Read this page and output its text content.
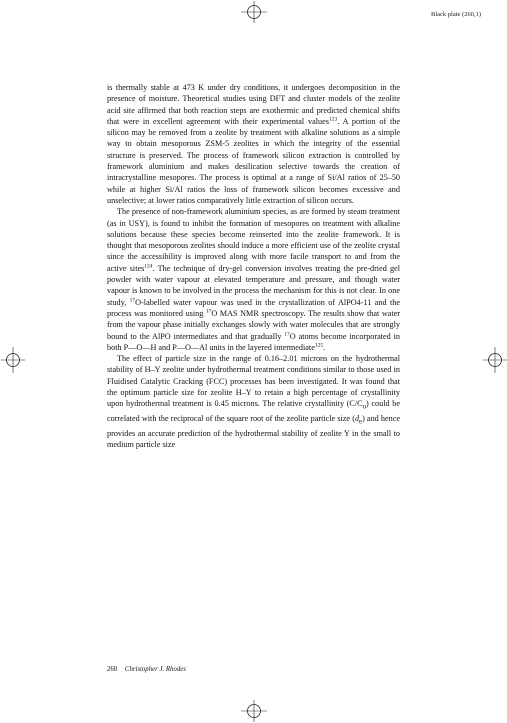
Black plate (260,1)

is thermally stable at 473 K under dry conditions, it undergoes decomposition in the presence of moisture. Theoretical studies using DFT and cluster models of the zeolite acid site affirmed that both reaction steps are exothermic and predicted chemical shifts that were in excellent agreement with their experimental values$^{123}$. A portion of the silicon may be removed from a zeolite by treatment with alkaline solutions as a simple way to obtain mesoporous ZSM-5 zeolites in which the integrity of the essential structure is preserved. The process of framework silicon extraction is controlled by framework aluminium and makes desilication selective towards the creation of intracrystalline mesopores. The process is optimal at a range of Si/Al ratios of 25–50 while at higher Si/Al ratios the loss of framework silicon becomes excessive and unselective; at lower ratios comparatively little extraction of silicon occurs.

The presence of non-framework aluminium species, as are formed by steam treatment (as in USY), is found to inhibit the formation of mesopores on treatment with alkaline solutions because these species become reinserted into the zeolite framework. It is thought that mesoporous zeolites should induce a more efficient use of the zeolite crystal since the accessibility is improved along with more facile transport to and from the active sites$^{124}$. The technique of dry-gel conversion involves treating the pre-dried gel powder with water vapour at elevated temperature and pressure, and though water vapour is known to be involved in the process the mechanism for this is not clear. In one study, $^{17}$O-labelled water vapour was used in the crystallization of AlPO4-11 and the process was monitored using $^{17}$O MAS NMR spectroscopy. The results show that water from the vapour phase initially exchanges slowly with water molecules that are strongly bound to the AlPO intermediates and that gradually $^{17}$O atoms become incorporated in both P—O—H and P—O—Al units in the layered intermediate$^{125}$.

The effect of particle size in the range of 0.16–2.01 microns on the hydrothermal stability of H–Y zeolite under hydrothermal treatment conditions similar to those used in Fluidised Catalytic Cracking (FCC) processes has been investigated. It was found that the optimum particle size for zeolite H–Y to retain a high percentage of crystallinity upon hydrothermal treatment is 0.45 microns. The relative crystallinity $(C/C_o)$ could be correlated with the reciprocal of the square root of the zeolite particle size $(d_e)$ and hence provides an accurate prediction of the hydrothermal stability of zeolite Y in the small to medium particle size

260 Christopher J. Rhodes
